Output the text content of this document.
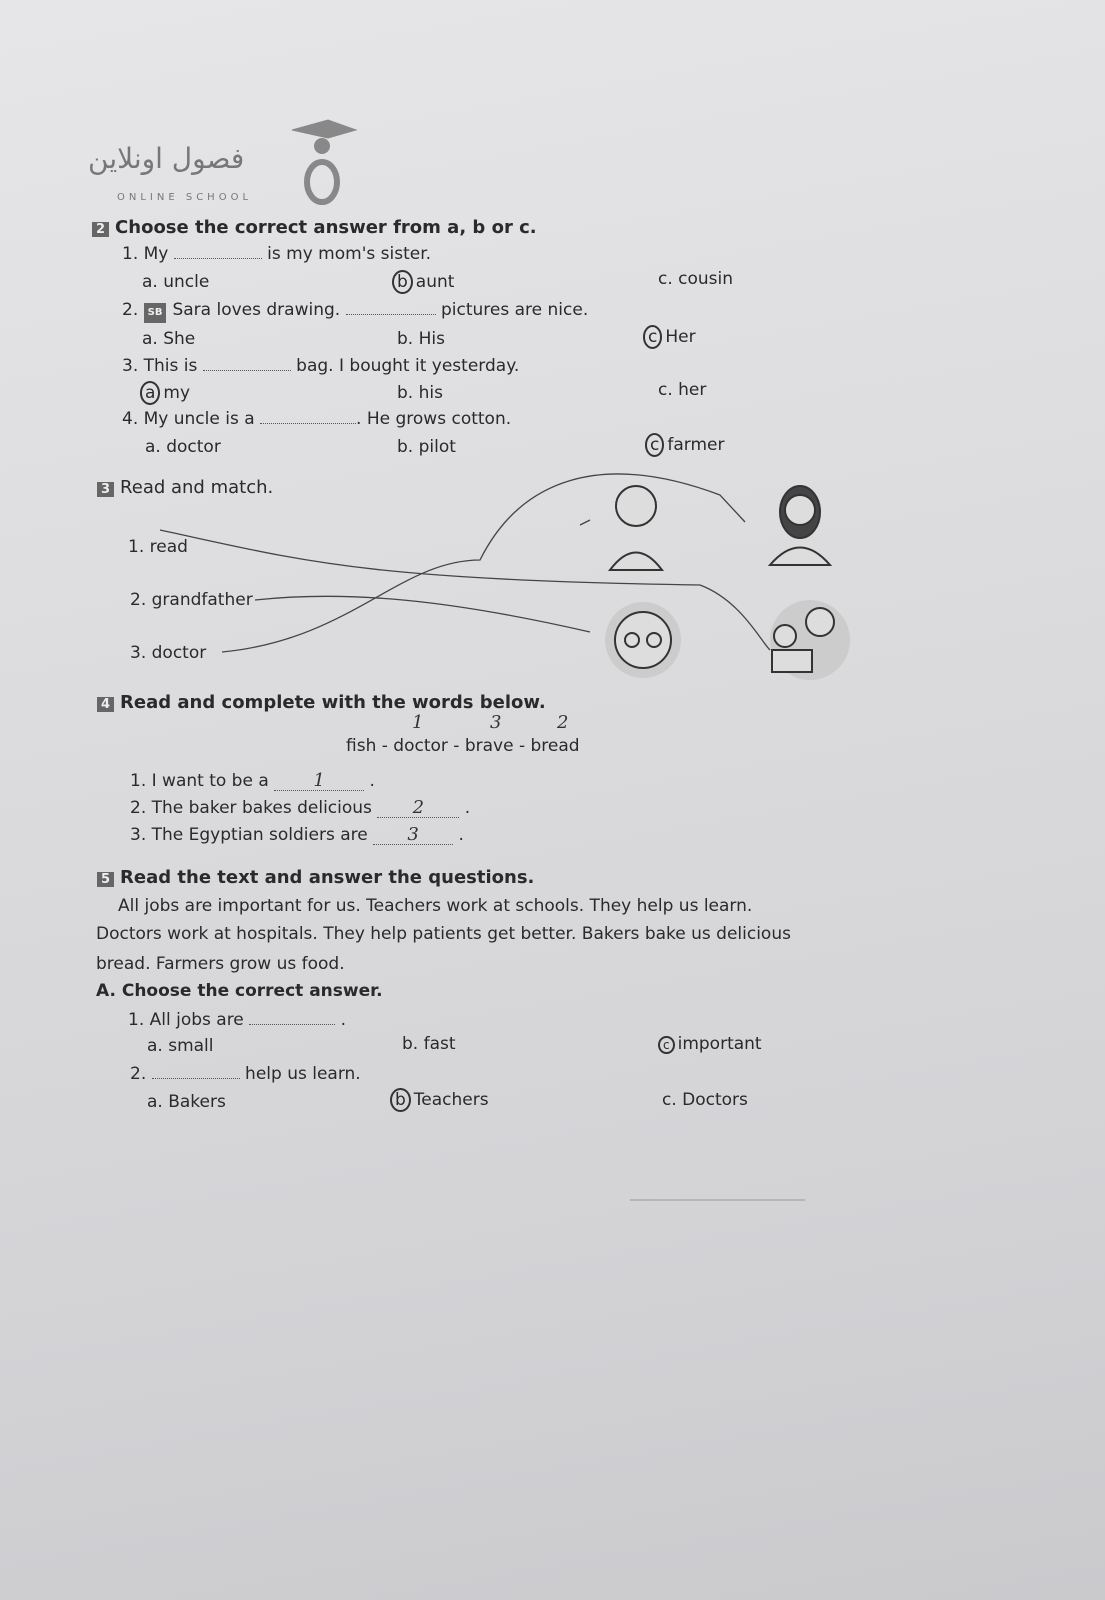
فصول اونلاين
ONLINE SCHOOL
2 Choose the correct answer from a, b or c.
1. My	is my mom's sister.
a. uncle	b aunt	c. cousin
2. SB Sara loves drawing.	pictures are nice.
a. She	b. His	c Her
3. This is	bag. I bought it yesterday.
a my	b. his	c. her
4. My uncle is a	. He grows cotton.
a. doctor	b. pilot	c farmer
3 Read and match.
1. read
2. grandfather
3. doctor
4 Read and complete with the words below.
1	3	2
fish - doctor - brave - bread
1. I want to be a 1 .
2. The baker bakes delicious 2 .
3. The Egyptian soldiers are 3 .
5 Read the text and answer the questions.
All jobs are important for us. Teachers work at schools. They help us learn.
Doctors work at hospitals. They help patients get better. Bakers bake us delicious
bread. Farmers grow us food.
A. Choose the correct answer.
1. All jobs are	.
a. small	b. fast	c important
2.	help us learn.
a. Bakers	b Teachers	c. Doctors
